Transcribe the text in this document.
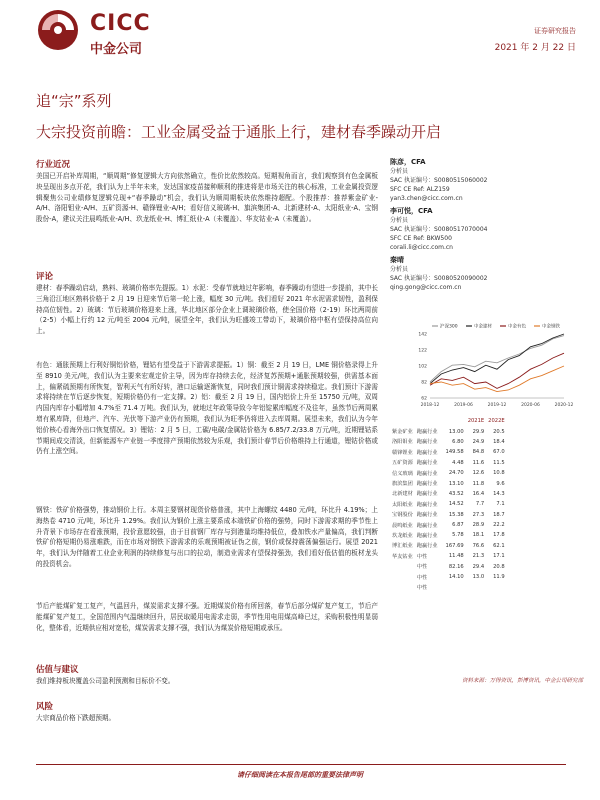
CICC
中金公司
证券研究报告
2021 年 2 月 22 日
追“宗”系列
大宗投资前瞻：工业金属受益于通胀上行，建材春季躁动开启
行业近况
美国已开启补库周期，“顺周期”修复逻辑大方向依然确立，性价比依然较高。短期视角而言，我们观察到有色金属板块呈现出多点开花，我们认为上半年未来，发达国家疫苗接种顺利的推进将是市场关注的核心标准，工业金属投资逻辑聚焦公司业绩修复逻辑兑现+“春季躁动”机会，我们认为顺周期板块依然维持超配。个股推荐：推荐紫金矿业-A/H、洛阳钼业-A/H、五矿资源-H、赣锋锂业-A/H；看好信义玻璃-H、旗滨集团-A、北新建材-A、太阳纸业-A、宝钢股份-A，建议关注晨鸣纸业-A/H、玖龙纸业-H、博汇纸业-A（未覆盖）、华友钴业-A（未覆盖）。
陈彦，CFA
分析员
SAC 执证编号：S0080515060002
SFC CE Ref: ALZ159
yan3.chen@cicc.com.cn
李可悦，CFA
分析员
SAC 执证编号：S0080517070004
SFC CE Ref: BKW500
corali.li@cicc.com.cn
秦晴
分析员
SAC 执证编号：S0080520090002
qing.gong@cicc.com.cn
评论
建材：春季躁动启动，熟料、玻璃价格率先提振。1）水泥：受春节就地过年影响，春季躁动有望进一步提前，其中长三角沿江地区熟料价格于 2 月 19 日迎来节后第一轮上涨，幅度 30 元/吨。我们看好 2021 年水泥需求韧性，盈利保持高位韧性。2）玻璃：节后玻璃价格迎来上涨，华北地区部分企业上调玻璃价格，使全国价格（2-19）环比两周前（2-5）小幅上行约 12 元/吨至 2004 元/吨，展望全年，我们认为旺盛竣工带动下，玻璃价格中枢有望保持高位向上。
有色：通胀预期上行利好铜铝价格，锂钴有望受益于下游需求提振。1）铜：截至 2 月 19 日，LME 铜价格录得上升至 8910 美元/吨，我们认为主要来宏观定价主导，因为库存持续去化，经济复苏预期+通胀预期较强，供需基本面上，偏紧硫预期有所恢复，智利天气有所好转，港口运输逐渐恢复，同时我们预计铜需求持续稳定。我们预计下游需求将持续在节后逐步恢复，短期价格仍有一定支撑。2）铝：截至 2 月 19 日，国内铝价上升至 15750 元/吨，双周内国内库存小幅增加 4.7%至 71.4 万吨。我们认为，就地过年政策导致今年铝锭累库幅度不及往年，虽然节后两周累增有累库降，但地产、汽车、光伏等下游产业仍有预期，我们认为旺季仍将进入去库周期。展望未来，我们认为今年铝价核心看海外出口恢复情况。3）锂钴：2 月 5 日，工碳/电碳/金属钴价格为 6.85/7.2/33.8 万元/吨，近期锂钴系节期间成交清淡，但新能源车产业链一季度排产预期依然较为乐观，我们预计春节后价格维持上行通道，锂钴价格或仍有上涨空间。
钢铁：铁矿价格强势，推动钢价上行。本周主要钢材现货价格普涨，其中上海螺纹 4480 元/吨，环比升 4.19%；上海热卷 4710 元/吨，环比升 1.29%。我们认为钢价上涨主要系成本端铁矿价格的强势，同时下游需求期的季节性上升背景下市场存在看涨预期，投价意愿较强，由于目前钢厂库存与到港量均维持低位，叠加铁水产量偏高，我们判断铁矿价格短期仍易涨难跌，而在市场对钢铁下游需求的乐观预期被证伪之前，钢价或保持震荡偏强运行。展望 2021 年，我们认为伴随着工业企业利润的持续修复与出口的拉动，制造业需求有望保持强劲，我们看好低估值的板材龙头的投资机会。
节后产能煤矿复工复产，气温回升，煤炭需求支撑不强。近期煤炭价格有所回落，春节后部分煤矿复产复工，节后产能煤矿复产复工，全国范围内气温继续回升，居民取暖用电需求走弱，季节性用电用煤高峰已过，采购积极性明显弱化，整体看，近期供应相对宽松，煤炭需求支撑不强，我们认为煤炭价格短期或承压。
估值与建议
我们维持板块覆盖公司盈利预测和目标价不变。
风险
大宗商品价格下跌超预期。
62
82
102
122
142
2018-12	2019-06	2019-12	2020-06	2020-12
沪深300	中金建材	中金有色	中金钢铁
				2021E	2022E
紫金矿业	跑赢行业		13.00	29.9	20.5
洛阳钼业	跑赢行业		6.80	24.9	18.4
赣锋锂业	跑赢行业		149.58	84.8	67.0
五矿资源	跑赢行业		4.48	11.6	11.5
信义玻璃	跑赢行业		24.70	12.6	10.8
旗滨集团	跑赢行业		13.10	11.8	9.6
北新建材	跑赢行业		43.52	16.4	14.3
太阳纸业	跑赢行业		14.52	7.7	7.1
宝钢股份	跑赢行业		15.38	27.3	18.7
晨鸣纸业	跑赢行业		6.87	28.9	22.2
玖龙纸业	跑赢行业		5.78	18.1	17.8
博汇纸业	跑赢行业		167.69	76.6	62.1
华友钴业	中性		11.48	21.3	17.1
	中性		82.16	29.4	20.8
	中性		14.10	13.0	11.9
	中性				
资料来源：万得资讯，彭博资讯，中金公司研究部
请仔细阅读在本报告尾部的重要法律声明
